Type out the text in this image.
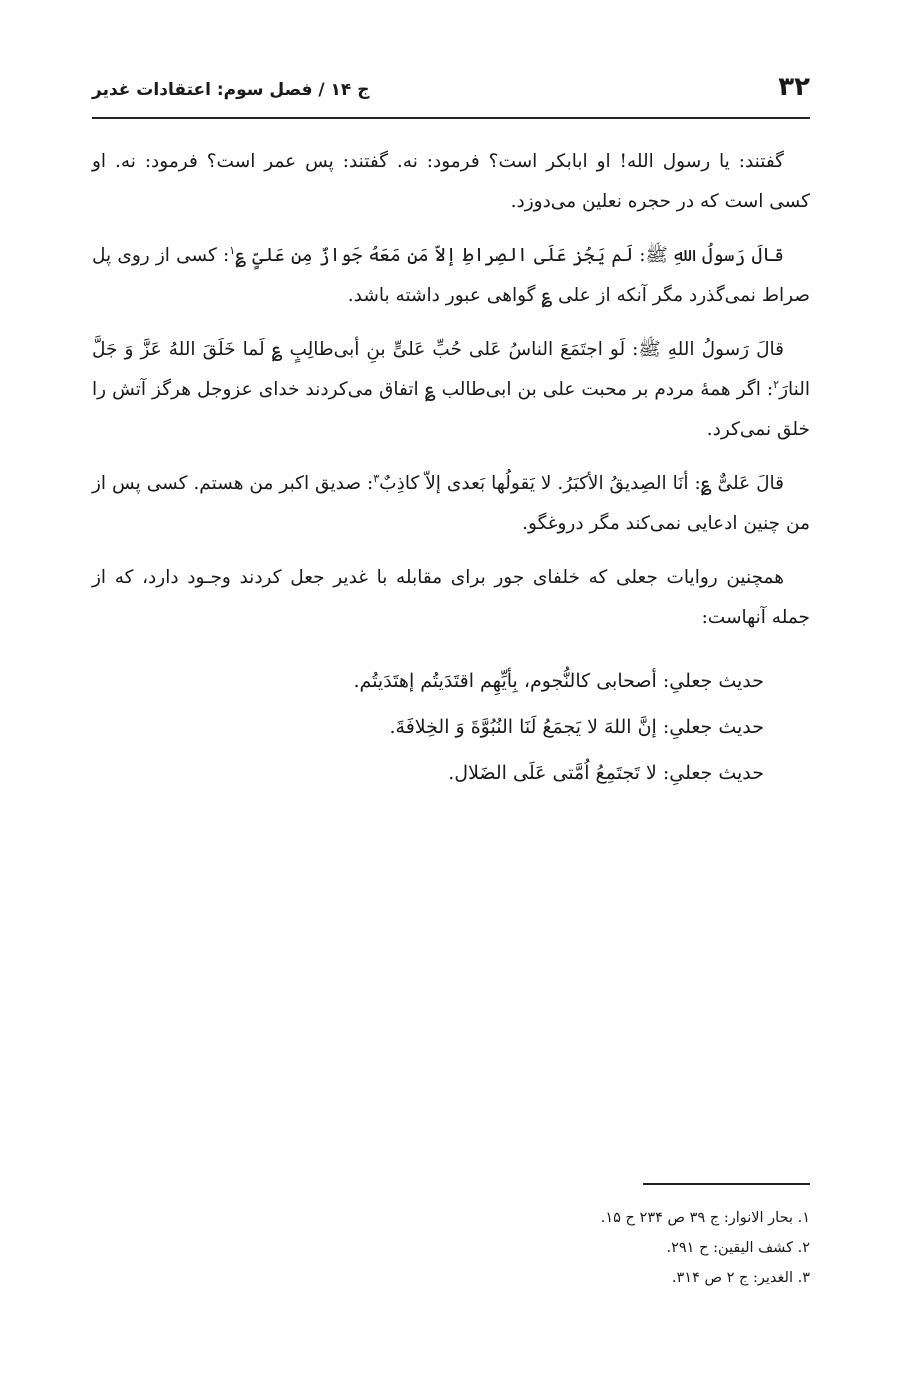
۳۲
ج ۱۴ / فصل سوم: اعتقادات غدیر

گفتند: یا رسول الله! او ابابکر است؟ فرمود: نه. گفتند: پس عمر است؟ فرمود: نه. او کسی است که در حجره نعلین می‌دوزد.

قالَ رَسولُ اللهِ ﷺ: لَم یَجُز عَلَی الصِراطِ إلاّ مَن مَعَهُ جَوازٌ مِن عَلیٍّ ؏$^۱$: کسی از روی پل صراط نمی‌گذرد مگر آنکه از علی ؏ گواهی عبور داشته باشد.

قالَ رَسولُ اللهِ ﷺ: لَو اجتَمَعَ الناسُ عَلی حُبِّ عَلیٍّ بنِ أبی‌طالِبٍ ؏ لَما خَلَقَ اللهُ عَزَّ وَ جَلَّ النارَ$^۲$: اگر همهٔ مردم بر محبت علی بن ابی‌طالب ؏ اتفاق می‌کردند خدای عزوجل هرگز آتش را خلق نمی‌کرد.

قالَ عَلیٌّ ؏: أنَا الصِدیقُ الأکبَرُ. لا یَقولُها بَعدی إلاّ کاذِبٌ$^۳$: صدیق اکبر من هستم. کسی پس از من چنین ادعایی نمی‌کند مگر دروغگو.

همچنین روایات جعلی که خلفای جور برای مقابله با غدیر جعل کردند وجـود دارد، که از جمله آنهاست:

حدیث جعلیِ: أصحابی کالنُّجوم، بِأیِّهِم اقتَدَیتُم إهتَدَیتُم.
حدیث جعلیِ: إنَّ اللهَ لا یَجمَعُ لَنَا النُبُوَّةَ وَ الخِلافَةَ.
حدیث جعلیِ: لا تَجتَمِعُ اُمَّتی عَلَی الضَلال.
۱. بحار الانوار: ج ۳۹ ص ۲۳۴ ح ۱۵.
۲. کشف الیقین: ح ۲۹۱.
۳. الغدیر: ج ۲ ص ۳۱۴.
